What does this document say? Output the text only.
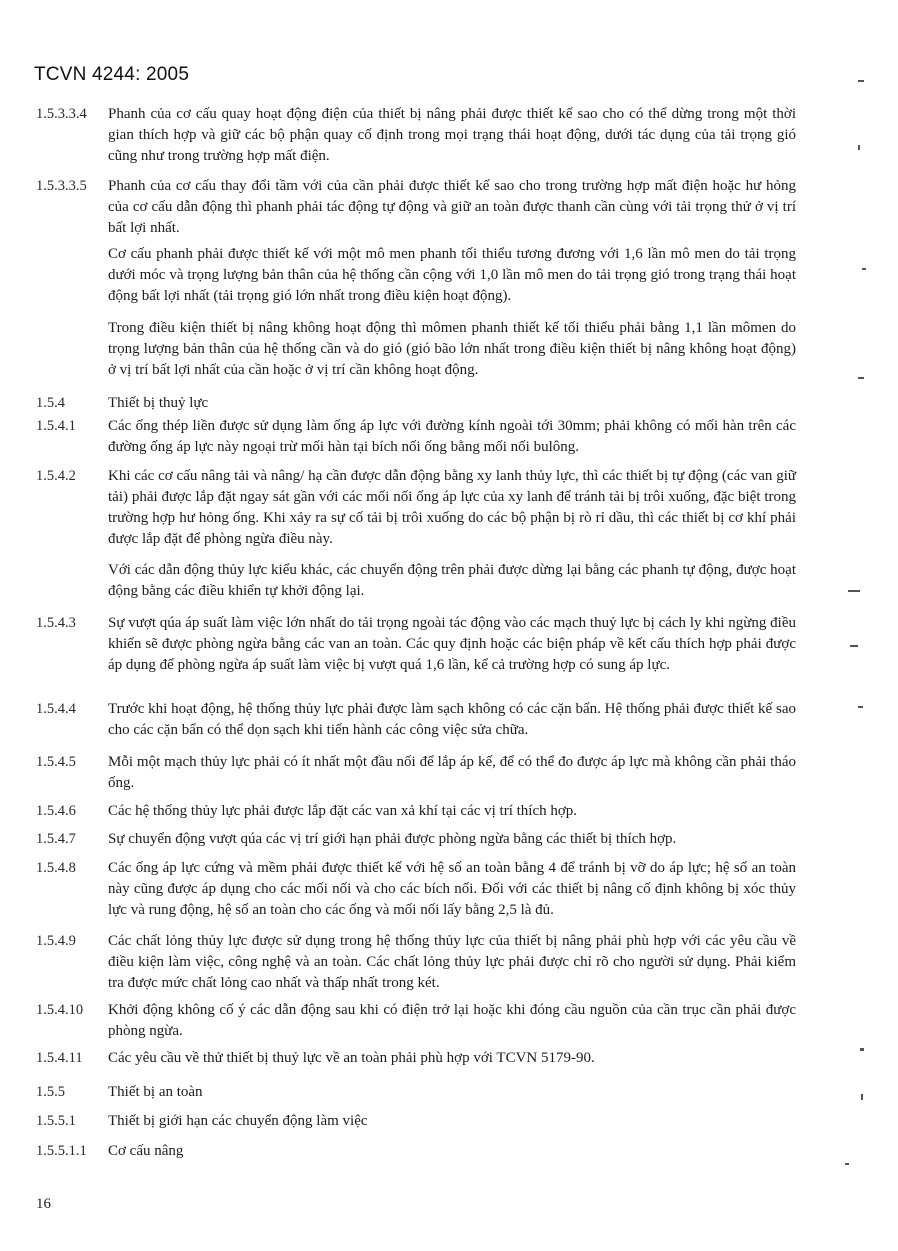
TCVN 4244: 2005
1.5.3.3.4	Phanh của cơ cấu quay hoạt động điện của thiết bị nâng phải được thiết kế sao cho có thể dừng trong một thời gian thích hợp và giữ các bộ phận quay cố định trong mọi trạng thái hoạt động, dưới tác dụng của tải trọng gió cũng như trong trường hợp mất điện.

1.5.3.3.5	Phanh của cơ cấu thay đổi tầm với của cần phải được thiết kế sao cho trong trường hợp mất điện hoặc hư hỏng của cơ cấu dẫn động thì phanh phải tác động tự động và giữ an toàn được thanh cần cùng với tải trọng thử ở vị trí bất lợi nhất.

Cơ cấu phanh phải được thiết kế với một mô men phanh tối thiểu tương đương với 1,6 lần mô men do tải trọng dưới móc và trọng lượng bản thân của hệ thống cần cộng với 1,0 lần mô men do tải trọng gió trong trạng thái hoạt động bất lợi nhất (tải trọng gió lớn nhất trong điều kiện hoạt động).

Trong điều kiện thiết bị nâng không hoạt động thì mômen phanh thiết kế tối thiểu phải bằng 1,1 lần mômen do trọng lượng bản thân của hệ thống cần và do gió (gió bão lớn nhất trong điều kiện thiết bị nâng không hoạt động) ở vị trí bất lợi nhất của cần hoặc ở vị trí cần không hoạt động.

1.5.4	Thiết bị thuỷ lực

1.5.4.1	Các ống thép liền được sử dụng làm ống áp lực với đường kính ngoài tới 30mm; phải không có mối hàn trên các đường ống áp lực này ngoại trừ mối hàn tại bích nối ống bằng mối nối bulông.

1.5.4.2	Khi các cơ cấu nâng tải và nâng/ hạ cần được dẫn động bằng xy lanh thủy lực, thì các thiết bị tự động (các van giữ tải) phải được lắp đặt ngay sát gần với các mối nối ống áp lực của xy lanh để tránh tải bị trôi xuống, đặc biệt trong trường hợp hư hỏng ống. Khi xảy ra sự cố tải bị trôi xuống do các bộ phận bị rò rỉ dầu, thì các thiết bị cơ khí phải được lắp đặt để phòng ngừa điều này.

Với các dẫn động thủy lực kiểu khác, các chuyển động trên phải được dừng lại bằng các phanh tự động, được hoạt động bằng các điều khiển tự khởi động lại.

1.5.4.3	Sự vượt qúa áp suất làm việc lớn nhất do tải trọng ngoài tác động vào các mạch thuỷ lực bị cách ly khi ngừng điều khiển sẽ được phòng ngừa bằng các van an toàn. Các quy định hoặc các biện pháp về kết cấu thích hợp phải được áp dụng để phòng ngừa áp suất làm việc bị vượt quá 1,6 lần, kể cả trường hợp có sung áp lực.

1.5.4.4	Trước khi hoạt động, hệ thống thủy lực phải được làm sạch không có các cặn bẩn. Hệ thống phải được thiết kế sao cho các cặn bẩn có thể dọn sạch khi tiến hành các công việc sửa chữa.

1.5.4.5	Mỗi một mạch thủy lực phải có ít nhất một đầu nối để lắp áp kế, để có thể đo được áp lực mà không cần phải tháo ống.

1.5.4.6	Các hệ thống thủy lực phải được lắp đặt các van xả khí tại các vị trí thích hợp.

1.5.4.7	Sự chuyển động vượt qúa các vị trí giới hạn phải được phòng ngừa bằng các thiết bị thích hợp.

1.5.4.8	Các ống áp lực cứng và mềm phải được thiết kế với hệ số an toàn bằng 4 để tránh bị vỡ do áp lực; hệ số an toàn này cũng được áp dụng cho các mối nối và cho các bích nối. Đối với các thiết bị nâng cố định không bị xóc thủy lực và rung động, hệ số an toàn cho các ống và mối nối lấy bằng 2,5 là đủ.

1.5.4.9	Các chất lỏng thủy lực được sử dụng trong hệ thống thủy lực của thiết bị nâng phải phù hợp với các yêu cầu về điều kiện làm việc, công nghệ và an toàn. Các chất lỏng thủy lực phải được chỉ rõ cho người sử dụng. Phải kiểm tra được mức chất lỏng cao nhất và thấp nhất trong két.

1.5.4.10	Khởi động không cố ý các dẫn động sau khi có điện trở lại hoặc khi đóng cầu nguồn của cần trục cần phải được phòng ngừa.

1.5.4.11	Các yêu cầu về thử thiết bị thuỷ lực về an toàn phải phù hợp với TCVN 5179-90.

1.5.5	Thiết bị an toàn

1.5.5.1	Thiết bị giới hạn các chuyển động làm việc

1.5.5.1.1	Cơ cấu nâng

16
